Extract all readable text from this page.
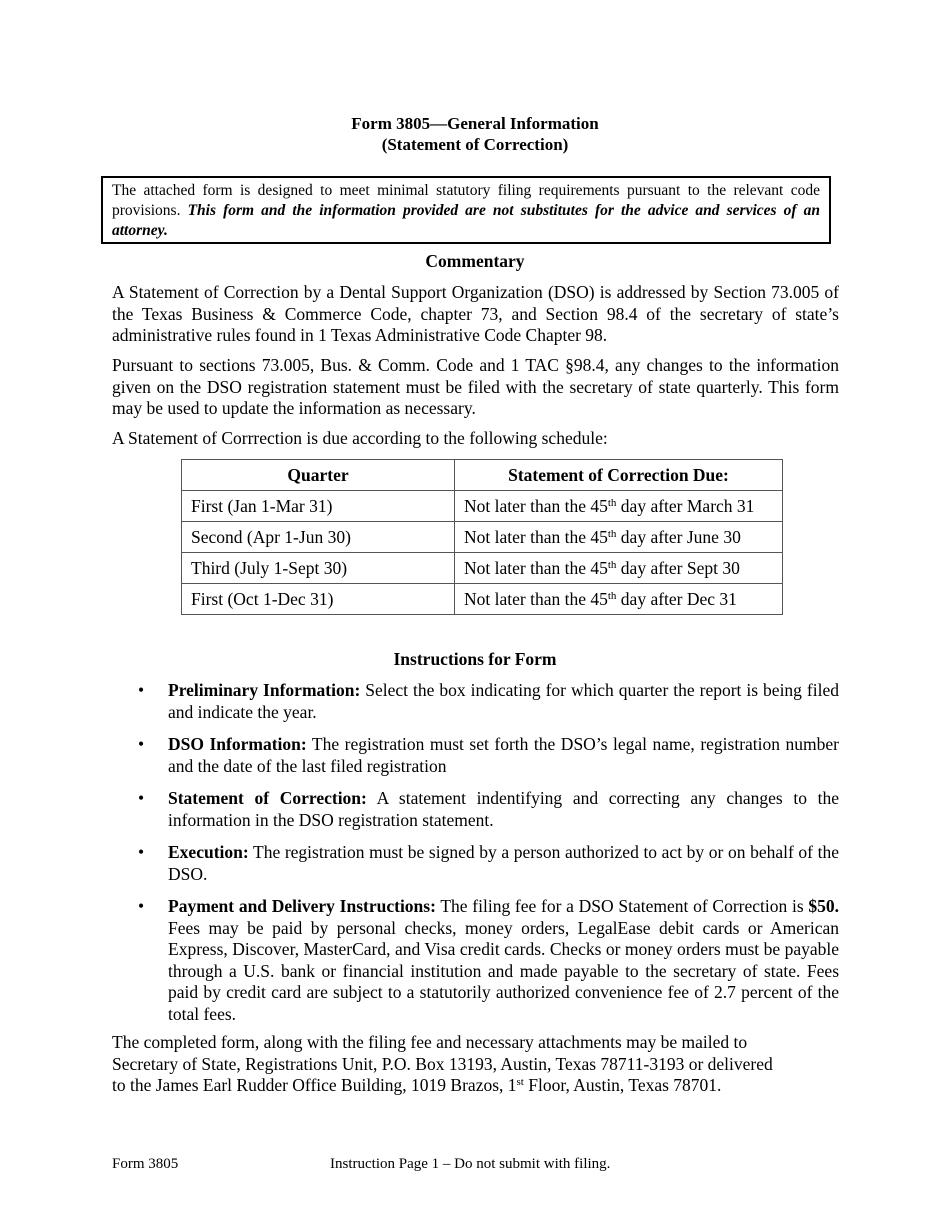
Form 3805—General Information
(Statement of Correction)
The attached form is designed to meet minimal statutory filing requirements pursuant to the relevant code provisions. This form and the information provided are not substitutes for the advice and services of an attorney.
Commentary
A Statement of Correction by a Dental Support Organization (DSO) is addressed by Section 73.005 of the Texas Business & Commerce Code, chapter 73, and Section 98.4 of the secretary of state’s administrative rules found in 1 Texas Administrative Code Chapter 98.
Pursuant to sections 73.005, Bus. & Comm. Code and 1 TAC §98.4, any changes to the information given on the DSO registration statement must be filed with the secretary of state quarterly. This form may be used to update the information as necessary.
A Statement of Corrrection is due according to the following schedule:
Quarter	Statement of Correction Due:
First (Jan 1-Mar 31)	Not later than the 45th day after March 31
Second (Apr 1-Jun 30)	Not later than the 45th day after June 30
Third (July 1-Sept 30)	Not later than the 45th day after Sept 30
First (Oct 1-Dec 31)	Not later than the 45th day after Dec 31
Instructions for Form
• Preliminary Information: Select the box indicating for which quarter the report is being filed and indicate the year.
• DSO Information: The registration must set forth the DSO’s legal name, registration number and the date of the last filed registration
• Statement of Correction: A statement indentifying and correcting any changes to the information in the DSO registration statement.
• Execution: The registration must be signed by a person authorized to act by or on behalf of the DSO.
• Payment and Delivery Instructions: The filing fee for a DSO Statement of Correction is $50. Fees may be paid by personal checks, money orders, LegalEase debit cards or American Express, Discover, MasterCard, and Visa credit cards. Checks or money orders must be payable through a U.S. bank or financial institution and made payable to the secretary of state. Fees paid by credit card are subject to a statutorily authorized convenience fee of 2.7 percent of the total fees.
The completed form, along with the filing fee and necessary attachments may be mailed to
Secretary of State, Registrations Unit, P.O. Box 13193, Austin, Texas 78711-3193 or delivered
to the James Earl Rudder Office Building, 1019 Brazos, 1st Floor, Austin, Texas 78701.
Form 3805	Instruction Page 1 – Do not submit with filing.
